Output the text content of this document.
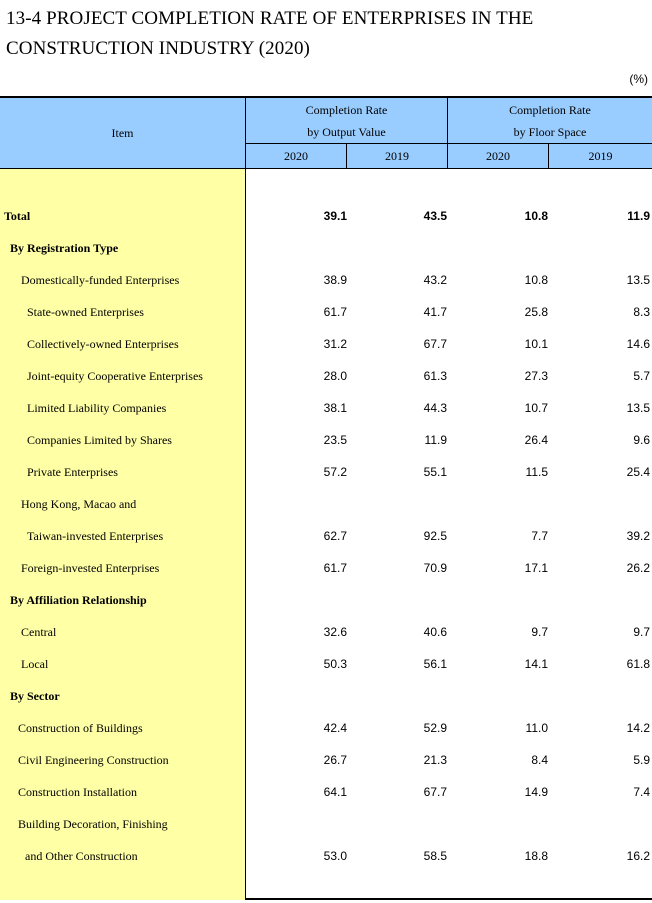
13-4 PROJECT COMPLETION RATE OF ENTERPRISES IN THE
CONSTRUCTION INDUSTRY (2020)
(%)
Item
Completion Rate
by Output Value
Completion Rate
by Floor Space
2020	2019	2020	2019
Total	39.1	43.5	10.8	11.9
By Registration Type
Domestically-funded Enterprises	38.9	43.2	10.8	13.5
State-owned Enterprises	61.7	41.7	25.8	8.3
Collectively-owned Enterprises	31.2	67.7	10.1	14.6
Joint-equity Cooperative Enterprises	28.0	61.3	27.3	5.7
Limited Liability Companies	38.1	44.3	10.7	13.5
Companies Limited by Shares	23.5	11.9	26.4	9.6
Private Enterprises	57.2	55.1	11.5	25.4
Hong Kong, Macao and
Taiwan-invested Enterprises	62.7	92.5	7.7	39.2
Foreign-invested Enterprises	61.7	70.9	17.1	26.2
By Affiliation Relationship
Central	32.6	40.6	9.7	9.7
Local	50.3	56.1	14.1	61.8
By Sector
Construction of Buildings	42.4	52.9	11.0	14.2
Civil Engineering Construction	26.7	21.3	8.4	5.9
Construction Installation	64.1	67.7	14.9	7.4
Building Decoration, Finishing
and Other Construction	53.0	58.5	18.8	16.2
